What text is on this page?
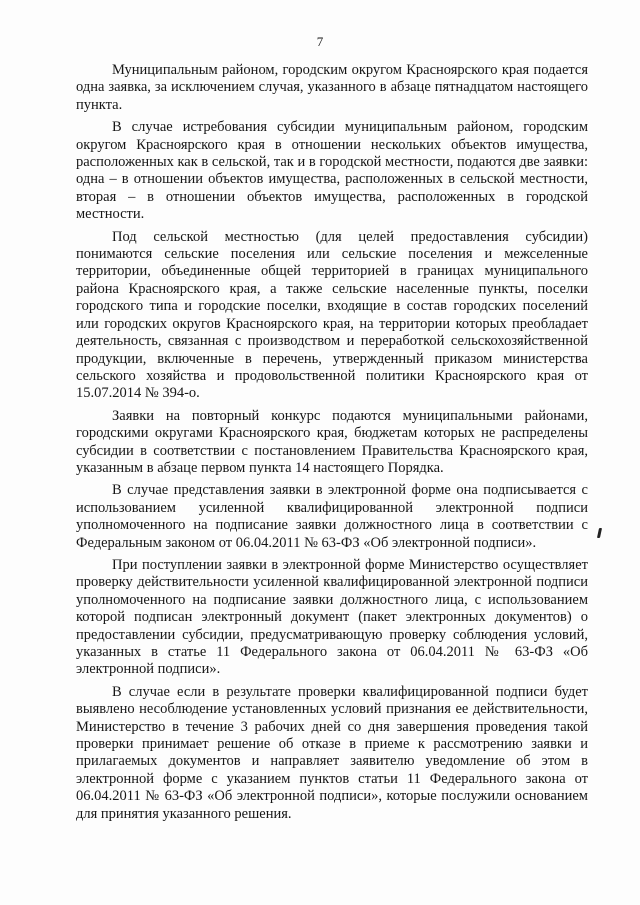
7

Муниципальным районом, городским округом Красноярского края подается одна заявка, за исключением случая, указанного в абзаце пятнадцатом настоящего пункта.

В случае истребования субсидии муниципальным районом, городским округом Красноярского края в отношении нескольких объектов имущества, расположенных как в сельской, так и в городской местности, подаются две заявки: одна – в отношении объектов имущества, расположенных в сельской местности, вторая – в отношении объектов имущества, расположенных в городской местности.

Под сельской местностью (для целей предоставления субсидии) понимаются сельские поселения или сельские поселения и межселенные территории, объединенные общей территорией в границах муниципального района Красноярского края, а также сельские населенные пункты, поселки городского типа и городские поселки, входящие в состав городских поселений или городских округов Красноярского края, на территории которых преобладает деятельность, связанная с производством и переработкой сельскохозяйственной продукции, включенные в перечень, утвержденный приказом министерства сельского хозяйства и продовольственной политики Красноярского края от 15.07.2014 № 394-о.

Заявки на повторный конкурс подаются муниципальными районами, городскими округами Красноярского края, бюджетам которых не распределены субсидии в соответствии с постановлением Правительства Красноярского края, указанным в абзаце первом пункта 14 настоящего Порядка.

В случае представления заявки в электронной форме она подписывается с использованием усиленной квалифицированной электронной подписи уполномоченного на подписание заявки должностного лица в соответствии с Федеральным законом от 06.04.2011 № 63-ФЗ «Об электронной подписи».

При поступлении заявки в электронной форме Министерство осуществляет проверку действительности усиленной квалифицированной электронной подписи уполномоченного на подписание заявки должностного лица, с использованием которой подписан электронный документ (пакет электронных документов) о предоставлении субсидии, предусматривающую проверку соблюдения условий, указанных в статье 11 Федерального закона от 06.04.2011 № 63-ФЗ «Об электронной подписи».

В случае если в результате проверки квалифицированной подписи будет выявлено несоблюдение установленных условий признания ее действительности, Министерство в течение 3 рабочих дней со дня завершения проведения такой проверки принимает решение об отказе в приеме к рассмотрению заявки и прилагаемых документов и направляет заявителю уведомление об этом в электронной форме с указанием пунктов статьи 11 Федерального закона от 06.04.2011 № 63-ФЗ «Об электронной подписи», которые послужили основанием для принятия указанного решения.
